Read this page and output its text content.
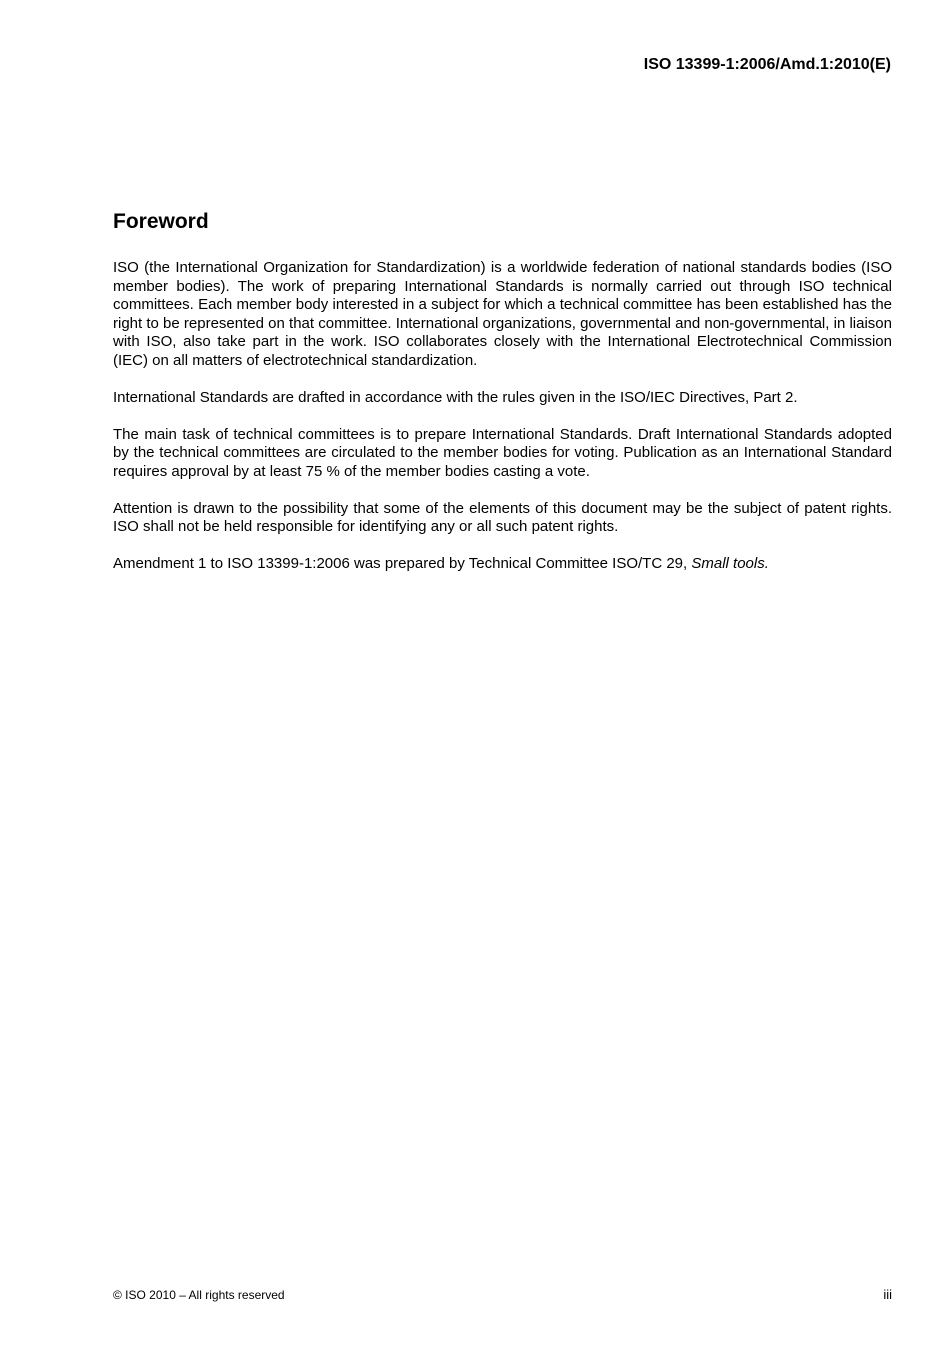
ISO 13399-1:2006/Amd.1:2010(E)
Foreword

ISO (the International Organization for Standardization) is a worldwide federation of national standards bodies (ISO member bodies). The work of preparing International Standards is normally carried out through ISO technical committees. Each member body interested in a subject for which a technical committee has been established has the right to be represented on that committee. International organizations, governmental and non-governmental, in liaison with ISO, also take part in the work. ISO collaborates closely with the International Electrotechnical Commission (IEC) on all matters of electrotechnical standardization.

International Standards are drafted in accordance with the rules given in the ISO/IEC Directives, Part 2.

The main task of technical committees is to prepare International Standards. Draft International Standards adopted by the technical committees are circulated to the member bodies for voting. Publication as an International Standard requires approval by at least 75 % of the member bodies casting a vote.

Attention is drawn to the possibility that some of the elements of this document may be the subject of patent rights. ISO shall not be held responsible for identifying any or all such patent rights.

Amendment 1 to ISO 13399-1:2006 was prepared by Technical Committee ISO/TC 29, Small tools.

© ISO 2010 – All rights reserved	iii
